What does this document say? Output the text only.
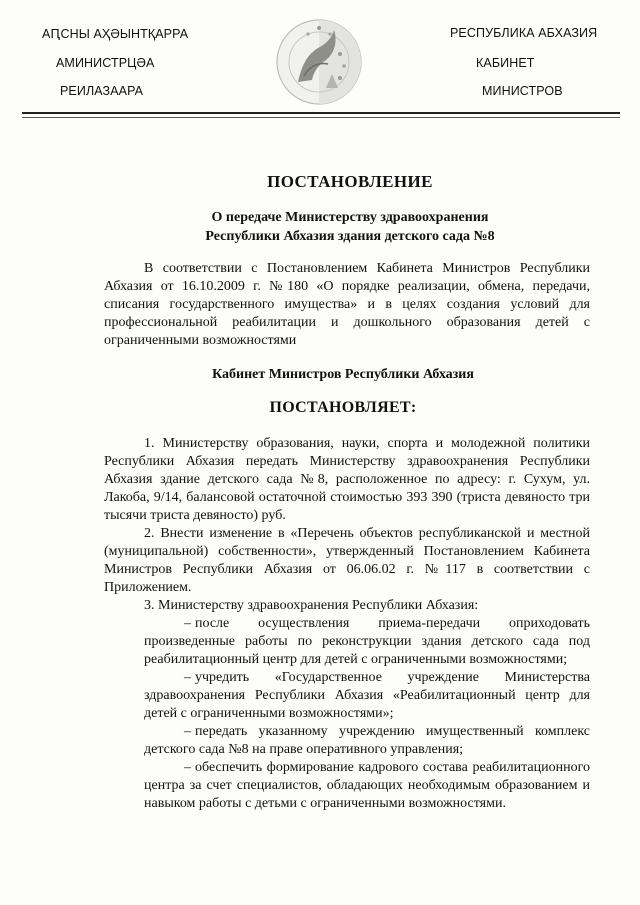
АԤСНЫ АҲӘЫНТҚАРРА
АМИНИСТРЦӘА
РЕИЛАЗААРА
РЕСПУБЛИКА АБХАЗИЯ
КАБИНЕТ
МИНИСТРОВ
ПОСТАНОВЛЕНИЕ
О передаче Министерству здравоохранения
Республики Абхазия здания детского сада №8
В соответствии с Постановлением Кабинета Министров Республики Абхазия от 16.10.2009 г. №180 «О порядке реализации, обмена, передачи, списания государственного имущества» и в целях создания условий для профессиональной реабилитации и дошкольного образования детей с ограниченными возможностями
Кабинет Министров Республики Абхазия
ПОСТАНОВЛЯЕТ:

1. Министерству образования, науки, спорта и молодежной политики Республики Абхазия передать Министерству здравоохранения Республики Абхазия здание детского сада №8, расположенное по адресу: г. Сухум, ул. Лакоба, 9/14, балансовой остаточной стоимостью 393 390 (триста девяносто три тысячи триста девяносто) руб.

2. Внести изменение в «Перечень объектов республиканской и местной (муниципальной) собственности», утвержденный Постановлением Кабинета Министров Республики Абхазия от 06.06.02 г. №117 в соответствии с Приложением.

3. Министерству здравоохранения Республики Абхазия:

– после осуществления приема-передачи оприходовать произведенные работы по реконструкции здания детского сада под реабилитационный центр для детей с ограниченными возможностями;

– учредить «Государственное учреждение Министерства здравоохранения Республики Абхазия «Реабилитационный центр для детей с ограниченными возможностями»;

– передать указанному учреждению имущественный комплекс детского сада №8 на праве оперативного управления;

– обеспечить формирование кадрового состава реабилитационного центра за счет специалистов, обладающих необходимым образованием и навыком работы с детьми с ограниченными возможностями.
